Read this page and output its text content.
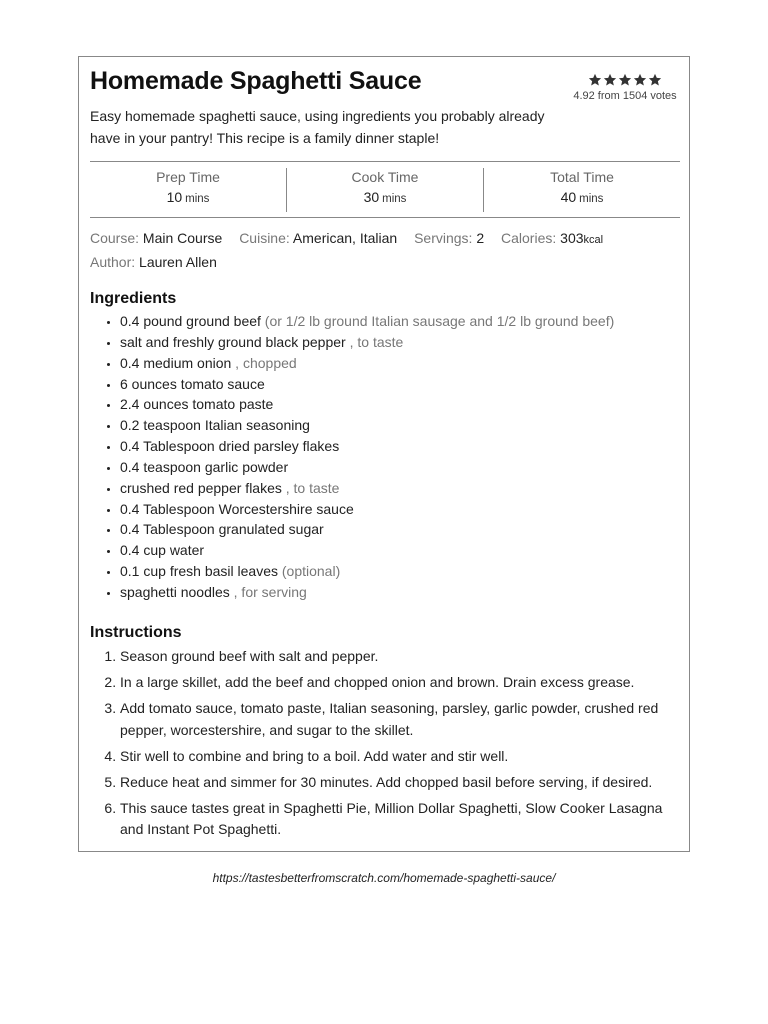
Homemade Spaghetti Sauce
4.92 from 1504 votes

Easy homemade spaghetti sauce, using ingredients you probably already have in your pantry! This recipe is a family dinner staple!

Prep Time
10 mins
Cook Time
30 mins
Total Time
40 mins
Course: Main Course Cuisine: American, Italian Servings: 2 Calories: 303kcal
Author: Lauren Allen
Ingredients
• 0.4 pound ground beef (or 1/2 lb ground Italian sausage and 1/2 lb ground beef)
• salt and freshly ground black pepper , to taste
• 0.4 medium onion , chopped
• 6 ounces tomato sauce
• 2.4 ounces tomato paste
• 0.2 teaspoon Italian seasoning
• 0.4 Tablespoon dried parsley flakes
• 0.4 teaspoon garlic powder
• crushed red pepper flakes , to taste
• 0.4 Tablespoon Worcestershire sauce
• 0.4 Tablespoon granulated sugar
• 0.4 cup water
• 0.1 cup fresh basil leaves (optional)
• spaghetti noodles , for serving
Instructions
1. Season ground beef with salt and pepper.
2. In a large skillet, add the beef and chopped onion and brown. Drain excess grease.
3. Add tomato sauce, tomato paste, Italian seasoning, parsley, garlic powder, crushed red pepper, worcestershire, and sugar to the skillet.
4. Stir well to combine and bring to a boil. Add water and stir well.
5. Reduce heat and simmer for 30 minutes. Add chopped basil before serving, if desired.
6. This sauce tastes great in Spaghetti Pie, Million Dollar Spaghetti, Slow Cooker Lasagna and Instant Pot Spaghetti.
https://tastesbetterfromscratch.com/homemade-spaghetti-sauce/
